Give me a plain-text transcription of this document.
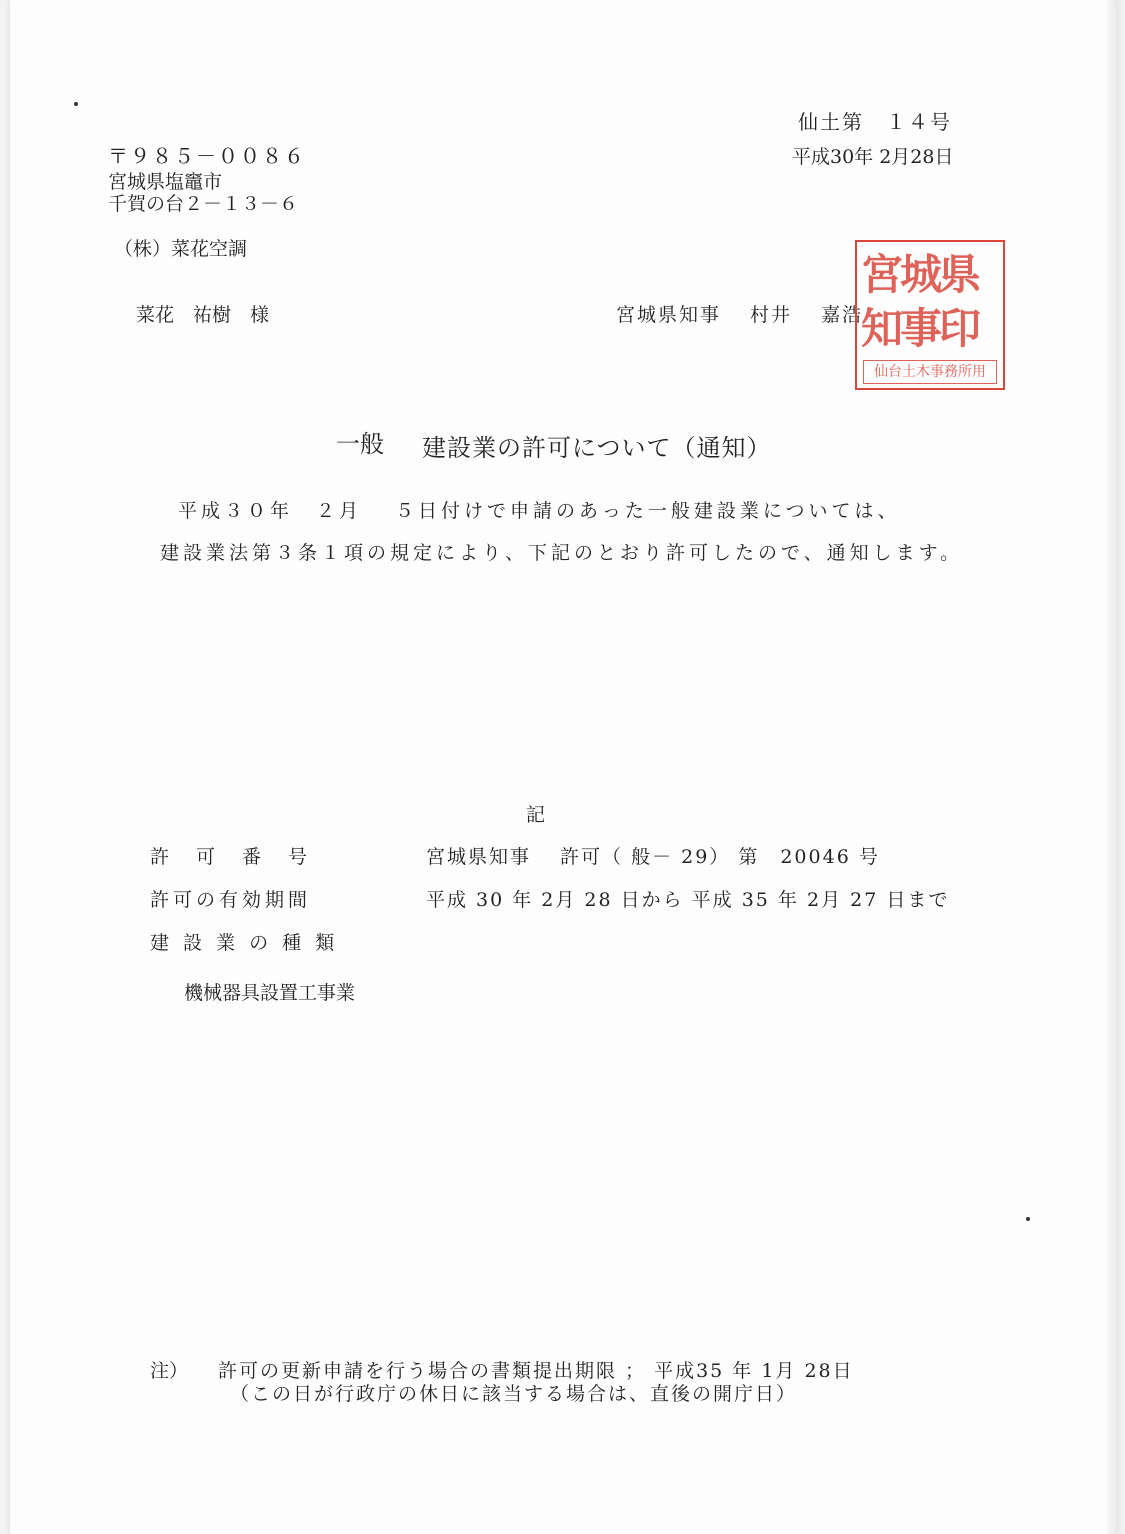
仙土第　１４号
平成30年 2月28日
〒９８５－００８６
宮城県塩竈市
千賀の台２－１３－６
（株）菜花空調
菜花　祐樹　様	宮城県知事　 村井　 嘉浩
宮城県
知事印
仙台土木事務所用
一般 建設業の許可について（通知）
平成３０年　２月　 ５日付けで申請のあった一般建設業については、
建設業法第３条１項の規定により、下記のとおり許可したので、通知します。
記
許　可　番　号	宮城県知事　 許可（ 般－ 29） 第　20046 号
許可の有効期間	平成 30 年 2月 28 日から 平成 35 年 2月 27 日まで
建 設 業 の 種 類
機械器具設置工事業
注） 許可の更新申請を行う場合の書類提出期限 ； 平成35 年 1月 28日
（この日が行政庁の休日に該当する場合は、直後の開庁日）
